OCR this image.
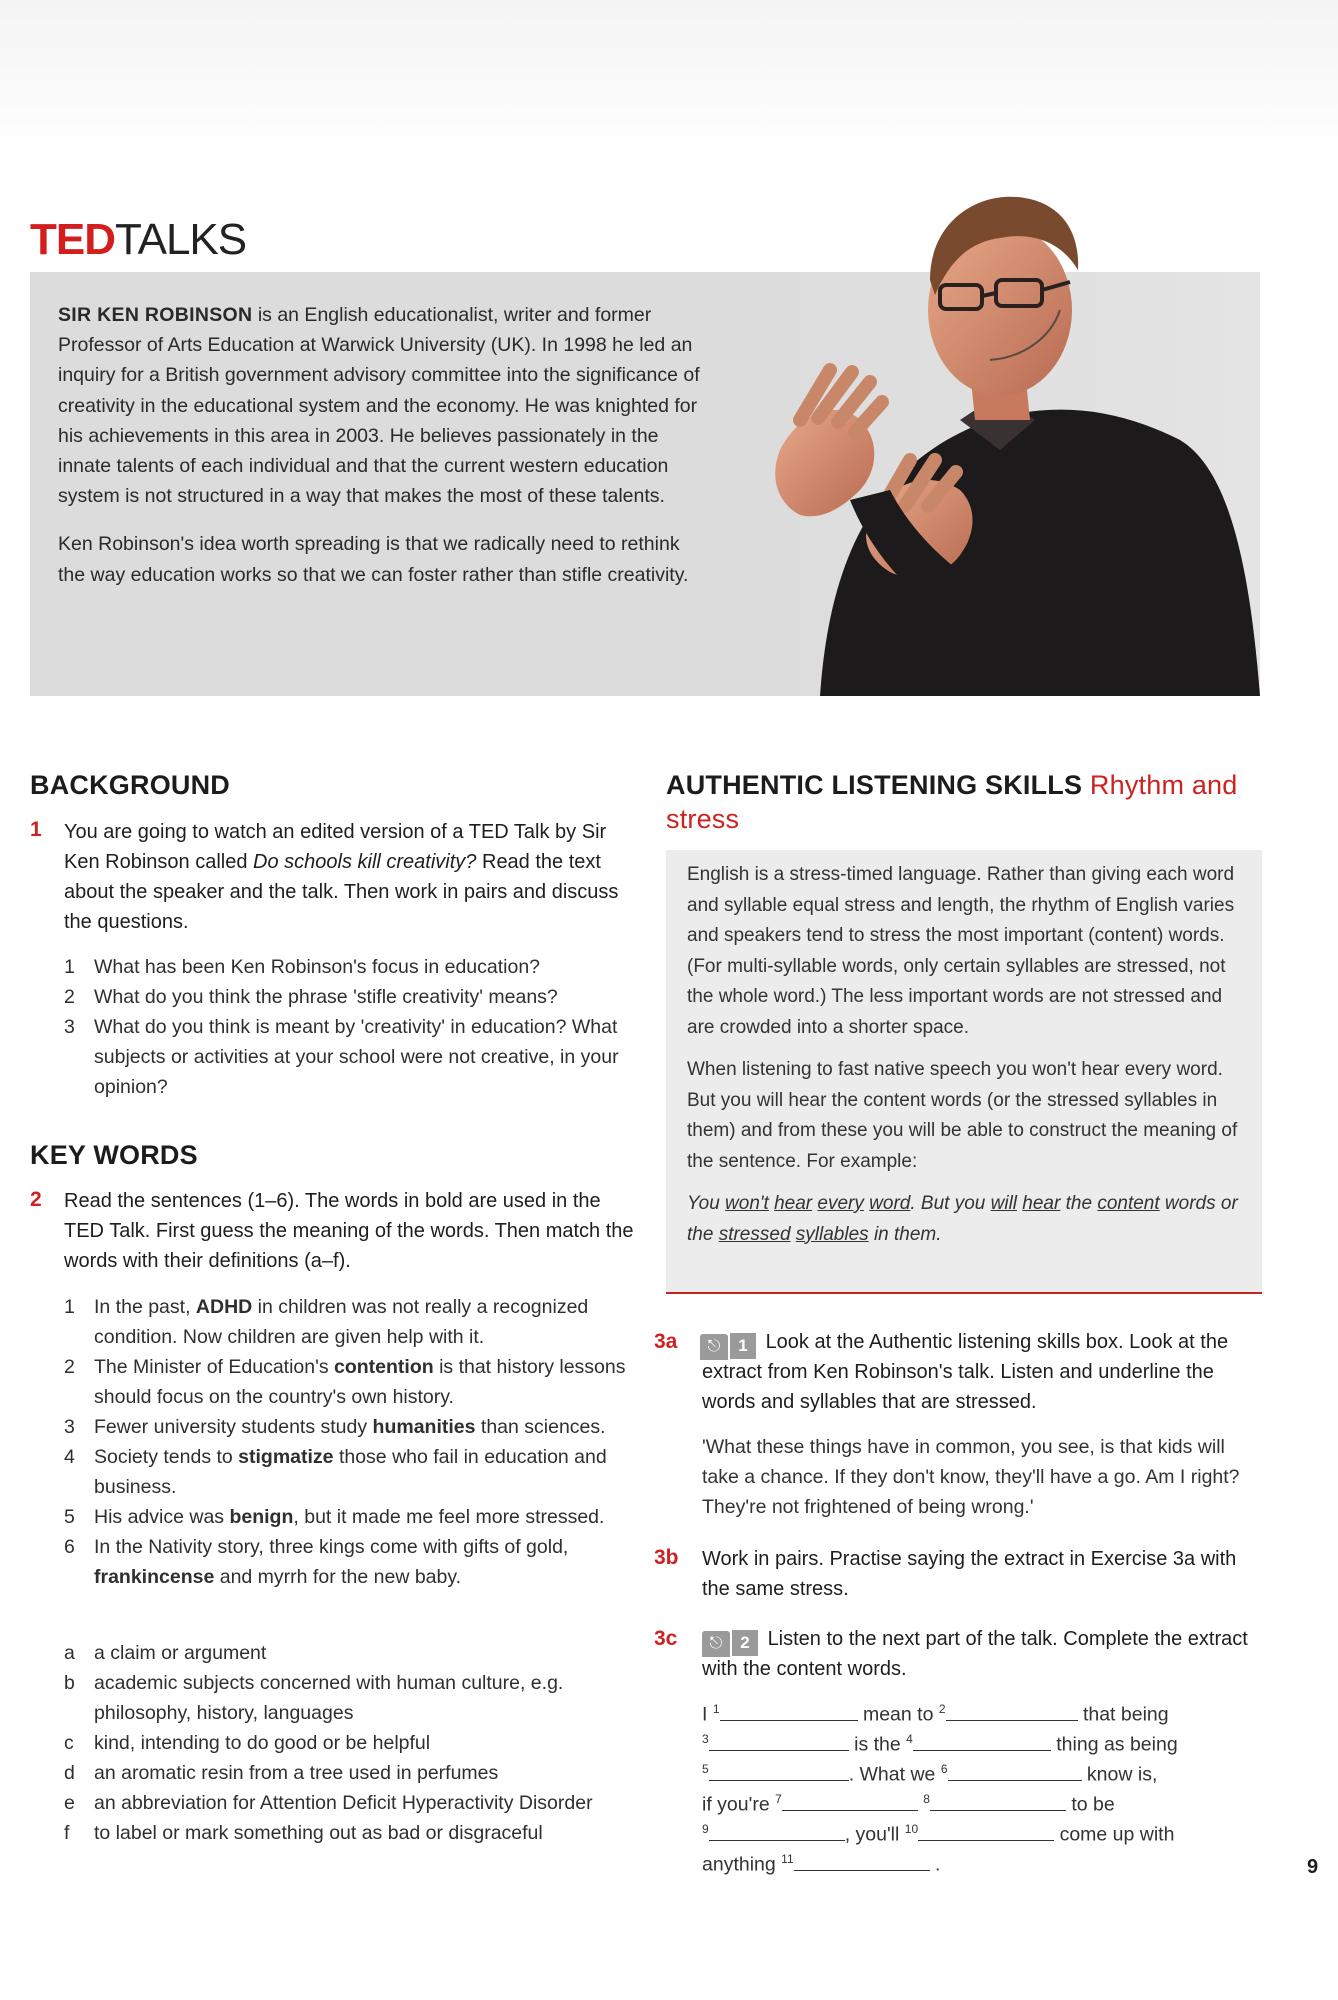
TEDTALKS

SIR KEN ROBINSON is an English educationalist, writer and former Professor of Arts Education at Warwick University (UK). In 1998 he led an inquiry for a British government advisory committee into the significance of creativity in the educational system and the economy. He was knighted for his achievements in this area in 2003. He believes passionately in the innate talents of each individual and that the current western education system is not structured in a way that makes the most of these talents.

Ken Robinson's idea worth spreading is that we radically need to rethink the way education works so that we can foster rather than stifle creativity.

BACKGROUND
1 You are going to watch an edited version of a TED Talk by Sir Ken Robinson called Do schools kill creativity? Read the text about the speaker and the talk. Then work in pairs and discuss the questions.
1 What has been Ken Robinson's focus in education?
2 What do you think the phrase 'stifle creativity' means?
3 What do you think is meant by 'creativity' in education? What subjects or activities at your school were not creative, in your opinion?
KEY WORDS
2 Read the sentences (1–6). The words in bold are used in the TED Talk. First guess the meaning of the words. Then match the words with their definitions (a–f).
1 In the past, ADHD in children was not really a recognized condition. Now children are given help with it.
2 The Minister of Education's contention is that history lessons should focus on the country's own history.
3 Fewer university students study humanities than sciences.
4 Society tends to stigmatize those who fail in education and business.
5 His advice was benign, but it made me feel more stressed.
6 In the Nativity story, three kings come with gifts of gold, frankincense and myrrh for the new baby.
a a claim or argument
b academic subjects concerned with human culture, e.g. philosophy, history, languages
c kind, intending to do good or be helpful
d an aromatic resin from a tree used in perfumes
e an abbreviation for Attention Deficit Hyperactivity Disorder
f to label or mark something out as bad or disgraceful
AUTHENTIC LISTENING SKILLS Rhythm and stress

English is a stress-timed language. Rather than giving each word and syllable equal stress and length, the rhythm of English varies and speakers tend to stress the most important (content) words. (For multi-syllable words, only certain syllables are stressed, not the whole word.) The less important words are not stressed and are crowded into a shorter space.

When listening to fast native speech you won't hear every word. But you will hear the content words (or the stressed syllables in them) and from these you will be able to construct the meaning of the sentence. For example:

You won't hear every word. But you will hear the content words or the stressed syllables in them.

3a	⎋ 1 Look at the Authentic listening skills box. Look at the extract from Ken Robinson's talk. Listen and underline the words and syllables that are stressed.
'What these things have in common, you see, is that kids will take a chance. If they don't know, they'll have a go. Am I right? They're not frightened of being wrong.'
3b Work in pairs. Practise saying the extract in Exercise 3a with the same stress.
3c	⎋ 2 Listen to the next part of the talk. Complete the extract with the content words.
I $^1$	mean to $^2$	that being
$^3$	is the $^4$	thing as being
$^5$	. What we $^6$	know is,
if you're $^7$	$^8$	to be
$^9$	, you'll $^{10}$	come up with
anything $^{11}$	.	9
